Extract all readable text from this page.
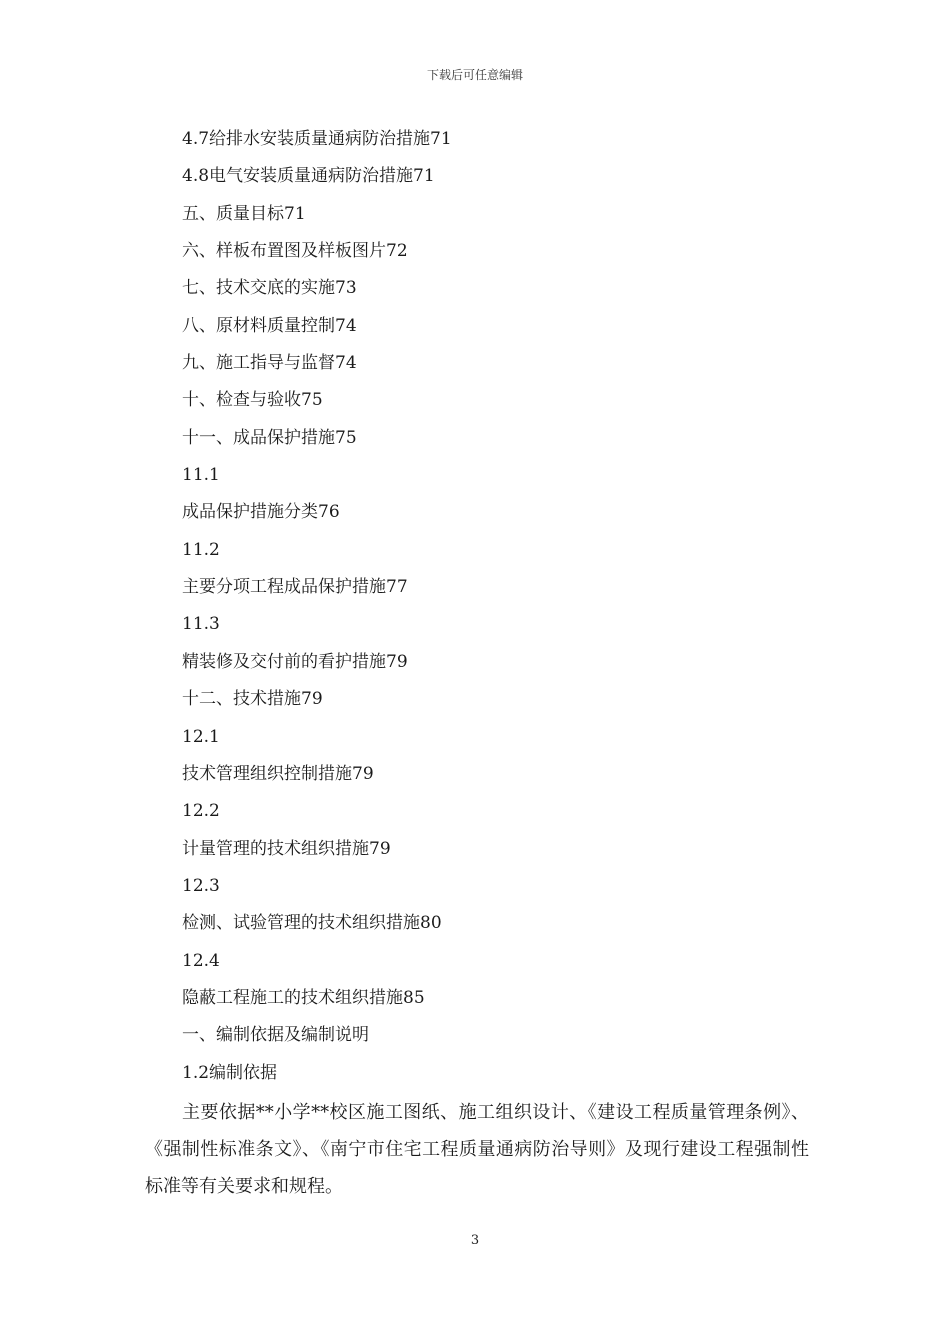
下载后可任意编辑
4.7给排水安装质量通病防治措施71
4.8电气安装质量通病防治措施71
五、质量目标71
六、样板布置图及样板图片72
七、技术交底的实施73
八、原材料质量控制74
九、施工指导与监督74
十、检查与验收75
十一、成品保护措施75
11.1
成品保护措施分类76
11.2
主要分项工程成品保护措施77
11.3
精装修及交付前的看护措施79
十二、技术措施79
12.1
技术管理组织控制措施79
12.2
计量管理的技术组织措施79
12.3
检测、试验管理的技术组织措施80
12.4
隐蔽工程施工的技术组织措施85
一、编制依据及编制说明
1.2编制依据

主要依据**小学**校区施工图纸、施工组织设计、《建设工程质量管理条例》、《强制性标准条文》、《南宁市住宅工程质量通病防治导则》及现行建设工程强制性标准等有关要求和规程。

3
